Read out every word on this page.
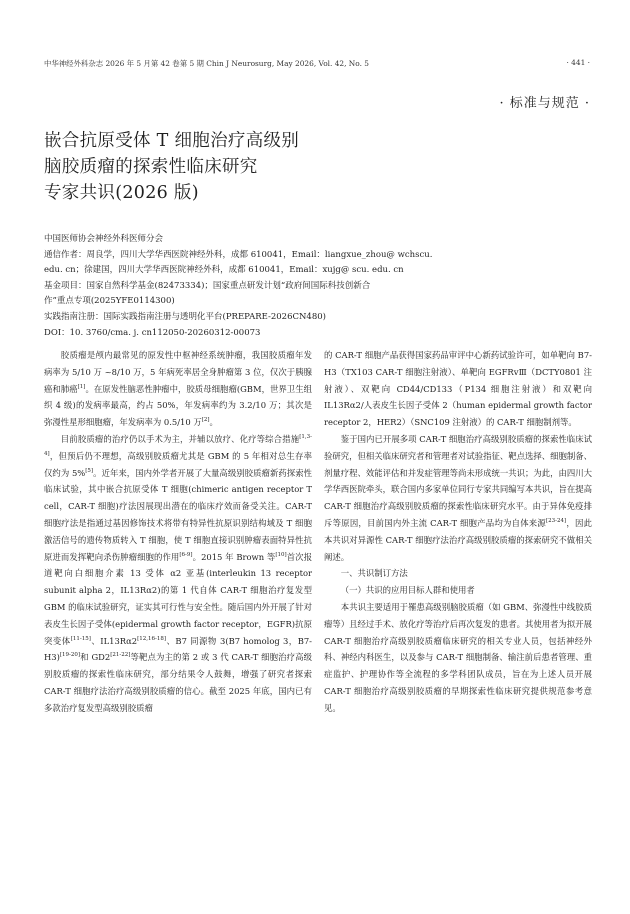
中华神经外科杂志 2026 年 5 月第 42 卷第 5 期 Chin J Neurosurg, May 2026, Vol. 42, No. 5	· 441 ·
· 标准与规范 ·
嵌合抗原受体 T 细胞治疗高级别
脑胶质瘤的探索性临床研究
专家共识(2026 版)
中国医师协会神经外科医师分会
通信作者：周良学，四川大学华西医院神经外科，成都 610041，Email：liangxue_zhou@ wchscu.
edu. cn；徐建国，四川大学华西医院神经外科，成都 610041，Email：xujg@ scu. edu. cn
基金项目：国家自然科学基金(82473334)；国家重点研发计划“政府间国际科技创新合
作”重点专项(2025YFE0114300)
实践指南注册：国际实践指南注册与透明化平台(PREPARE-2026CN480)
DOI：10. 3760/cma. j. cn112050-20260312-00073

胶质瘤是颅内最常见的原发性中枢神经系统肿瘤，我国胶质瘤年发病率为 5/10 万 ~8/10 万，5 年病死率居全身肿瘤第 3 位，仅次于胰腺癌和肺癌[1]。在原发性脑恶性肿瘤中，胶质母细胞瘤(GBM，世界卫生组织 4 级)的发病率最高，约占 50%，年发病率约为 3.2/10 万；其次是弥漫性星形细胞瘤，年发病率为 0.5/10 万[2]。

目前胶质瘤的治疗仍以手术为主，并辅以放疗、化疗等综合措施[1,3-4]，但预后仍不理想，高级别胶质瘤尤其是 GBM 的 5 年相对总生存率仅约为 5%[5]。近年来，国内外学者开展了大量高级别胶质瘤新药探索性临床试验，其中嵌合抗原受体 T 细胞(chimeric antigen receptor T cell，CAR-T 细胞)疗法因展现出潜在的临床疗效而备受关注。CAR-T 细胞疗法是指通过基因修饰技术将带有特异性抗原识别结构域及 T 细胞激活信号的遗传物质转入 T 细胞，使 T 细胞直接识别肿瘤表面特异性抗原进而发挥靶向杀伤肿瘤细胞的作用[6-9]。2015 年 Brown 等[10]首次报道靶向白细胞介素 13 受体 α2 亚基(interleukin 13 receptor subunit alpha 2，IL13Rα2)的第 1 代自体 CAR-T 细胞治疗复发型 GBM 的临床试验研究，证实其可行性与安全性。随后国内外开展了针对表皮生长因子受体(epidermal growth factor receptor，EGFR)抗原突变体[11-15]、IL13Rα2[12,16-18]、B7 同源物 3(B7 homolog 3，B7-H3)[19-20]和 GD2[21-22]等靶点为主的第 2 或 3 代 CAR-T 细胞治疗高级别胶质瘤的探索性临床研究，部分结果令人鼓舞，增强了研究者探索 CAR-T 细胞疗法治疗高级别胶质瘤的信心。截至 2025 年底，国内已有多款治疗复发型高级别胶质瘤

的 CAR-T 细胞产品获得国家药品审评中心新药试验许可，如单靶向 B7-H3（TX103 CAR-T 细胞注射液）、单靶向 EGFRvⅢ（DCTY0801 注射液）、双靶向 CD44/CD133（P134 细胞注射液）和双靶向 IL13Rα2/人表皮生长因子受体 2（human epidermal growth factor receptor 2，HER2）（SNC109 注射液）的 CAR-T 细胞制剂等。

鉴于国内已开展多项 CAR-T 细胞治疗高级别胶质瘤的探索性临床试验研究，但相关临床研究者和管理者对试验指征、靶点选择、细胞制备、剂量疗程、效能评估和并发症管理等尚未形成统一共识；为此，由四川大学华西医院牵头，联合国内多家单位同行专家共同编写本共识，旨在提高 CAR-T 细胞治疗高级别胶质瘤的探索性临床研究水平。由于异体免疫排斥等原因，目前国内外主流 CAR-T 细胞产品均为自体来源[23-24]，因此本共识对异源性 CAR-T 细胞疗法治疗高级别胶质瘤的探索研究不做相关阐述。

一、共识制订方法

（一）共识的应用目标人群和使用者

本共识主要适用于罹患高级别脑胶质瘤（如 GBM、弥漫性中线胶质瘤等）且经过手术、放化疗等治疗后再次复发的患者。其使用者为拟开展 CAR-T 细胞治疗高级别胶质瘤临床研究的相关专业人员，包括神经外科、神经内科医生，以及参与 CAR-T 细胞制备、输注前后患者管理、重症监护、护理协作等全流程的多学科团队成员，旨在为上述人员开展 CAR-T 细胞治疗高级别胶质瘤的早期探索性临床研究提供规范参考意见。
